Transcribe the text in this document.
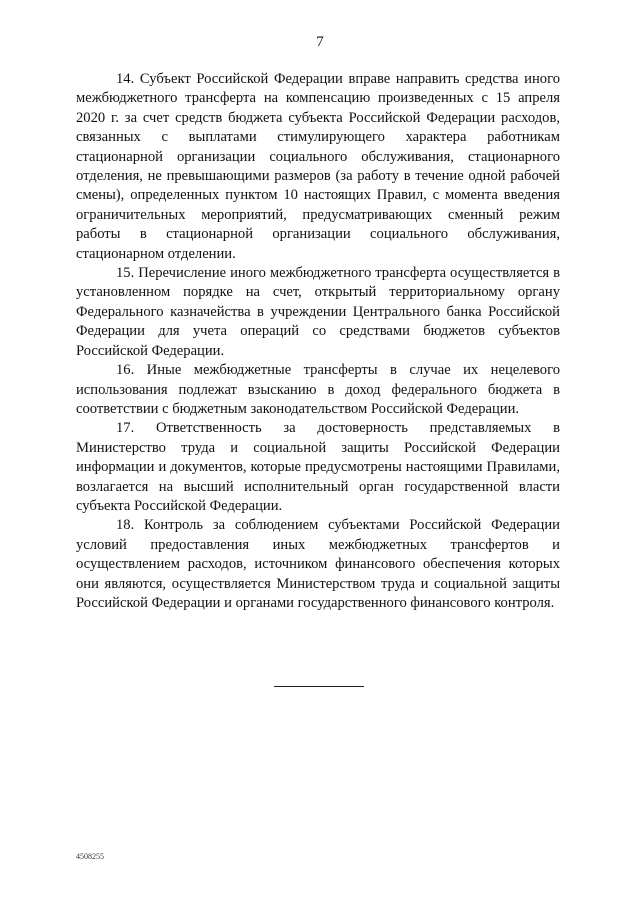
7

14. Субъект Российской Федерации вправе направить средства иного межбюджетного трансферта на компенсацию произведенных с 15 апреля 2020 г. за счет средств бюджета субъекта Российской Федерации расходов, связанных с выплатами стимулирующего характера работникам стационарной организации социального обслуживания, стационарного отделения, не превышающими размеров (за работу в течение одной рабочей смены), определенных пунктом 10 настоящих Правил, с момента введения ограничительных мероприятий, предусматривающих сменный режим работы в стационарной организации социального обслуживания, стационарном отделении.

15. Перечисление иного межбюджетного трансферта осуществляется в установленном порядке на счет, открытый территориальному органу Федерального казначейства в учреждении Центрального банка Российской Федерации для учета операций со средствами бюджетов субъектов Российской Федерации.

16. Иные межбюджетные трансферты в случае их нецелевого использования подлежат взысканию в доход федерального бюджета в соответствии с бюджетным законодательством Российской Федерации.

17. Ответственность за достоверность представляемых в Министерство труда и социальной защиты Российской Федерации информации и документов, которые предусмотрены настоящими Правилами, возлагается на высший исполнительный орган государственной власти субъекта Российской Федерации.

18. Контроль за соблюдением субъектами Российской Федерации условий предоставления иных межбюджетных трансфертов и осуществлением расходов, источником финансового обеспечения которых они являются, осуществляется Министерством труда и социальной защиты Российской Федерации и органами государственного финансового контроля.

4508255
